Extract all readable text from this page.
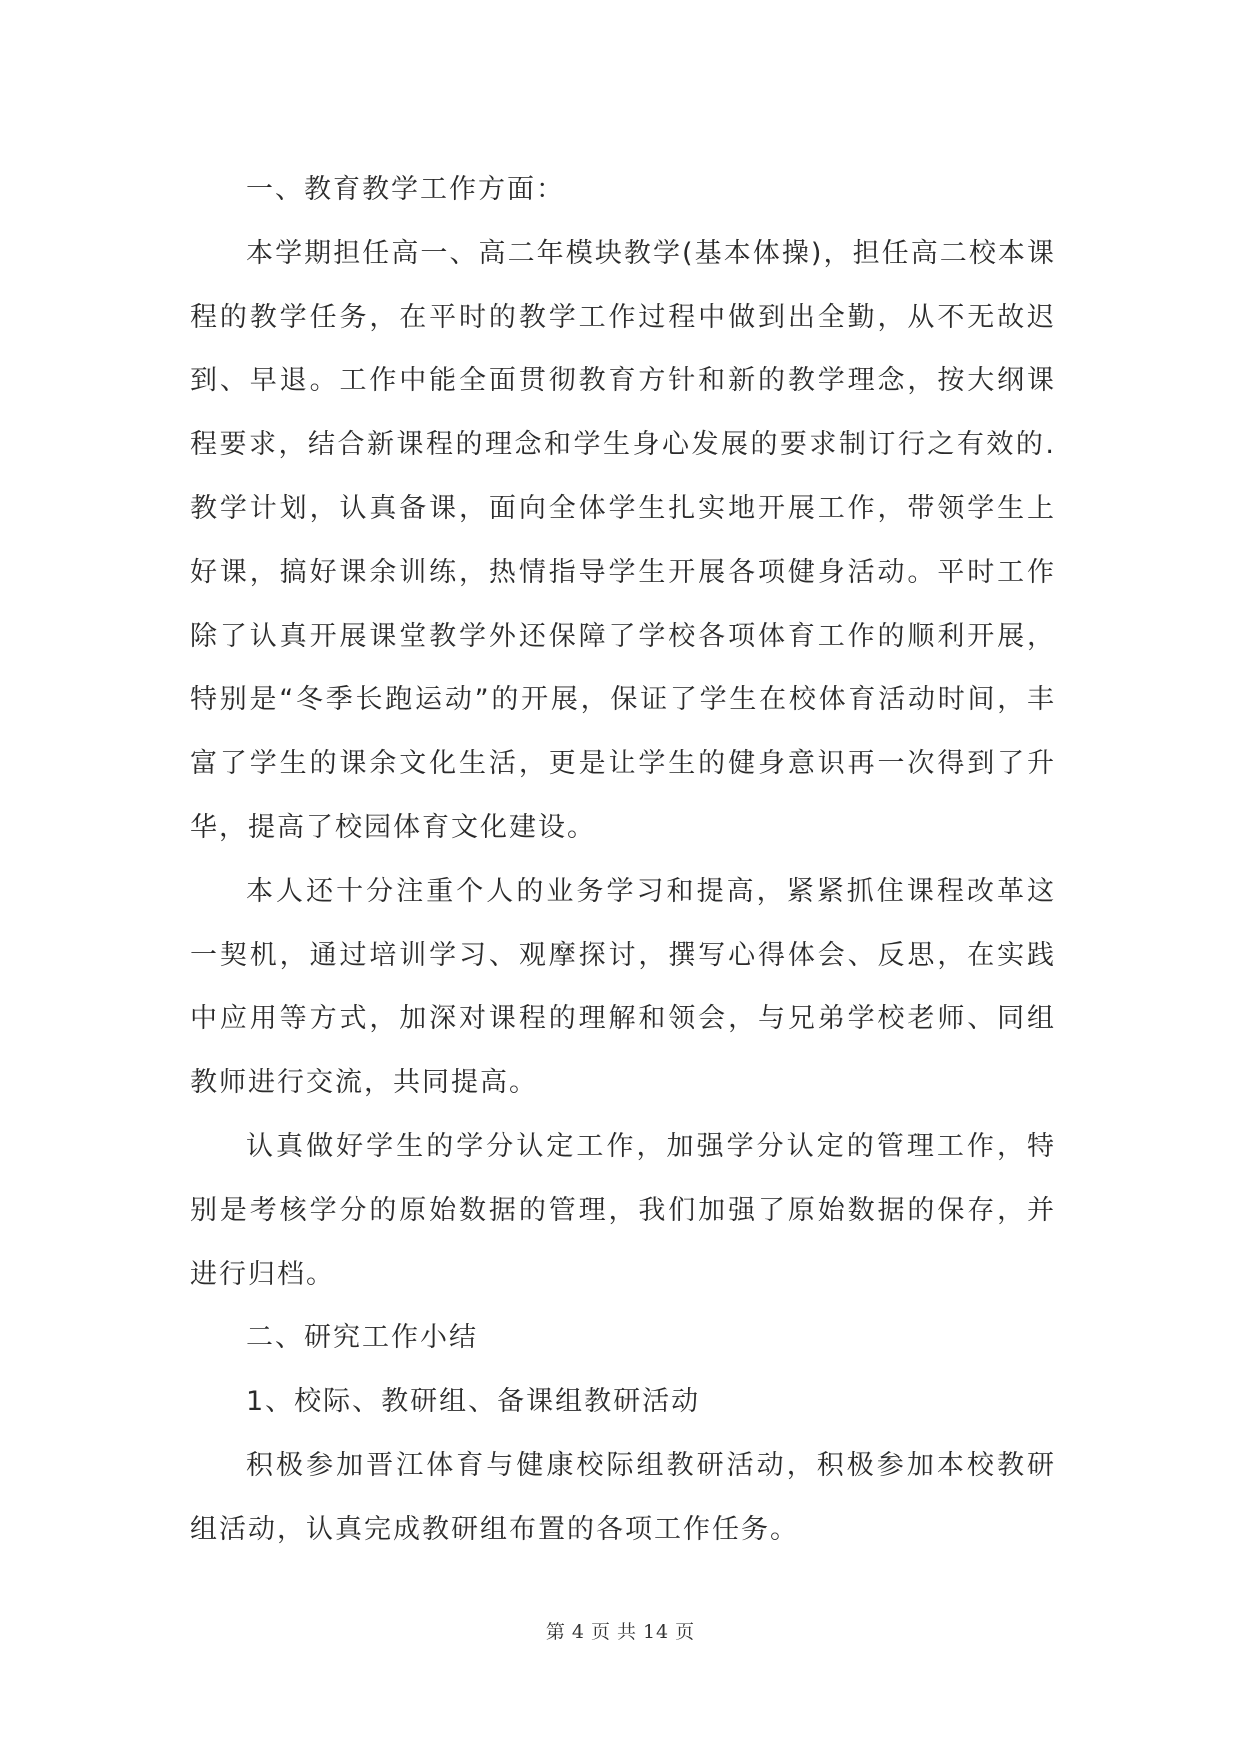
一、教育教学工作方面：

本学期担任高一、高二年模块教学(基本体操)，担任高二校本课程的教学任务，在平时的教学工作过程中做到出全勤，从不无故迟到、早退。工作中能全面贯彻教育方针和新的教学理念，按大纲课程要求，结合新课程的理念和学生身心发展的要求制订行之有效的.教学计划，认真备课，面向全体学生扎实地开展工作，带领学生上好课，搞好课余训练，热情指导学生开展各项健身活动。平时工作除了认真开展课堂教学外还保障了学校各项体育工作的顺利开展，特别是“冬季长跑运动”的开展，保证了学生在校体育活动时间，丰富了学生的课余文化生活，更是让学生的健身意识再一次得到了升华，提高了校园体育文化建设。

本人还十分注重个人的业务学习和提高，紧紧抓住课程改革这一契机，通过培训学习、观摩探讨，撰写心得体会、反思，在实践中应用等方式，加深对课程的理解和领会，与兄弟学校老师、同组教师进行交流，共同提高。

认真做好学生的学分认定工作，加强学分认定的管理工作，特别是考核学分的原始数据的管理，我们加强了原始数据的保存，并进行归档。

二、研究工作小结

1、校际、教研组、备课组教研活动

积极参加晋江体育与健康校际组教研活动，积极参加本校教研组活动，认真完成教研组布置的各项工作任务。

第 4 页 共 14 页
